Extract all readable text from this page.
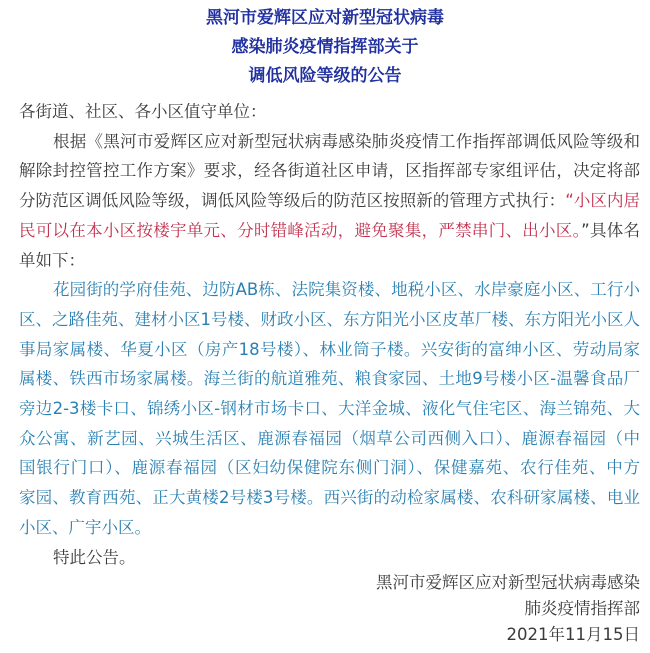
黑河市爱辉区应对新型冠状病毒
感染肺炎疫情指挥部关于
调低风险等级的公告
各街道、社区、各小区值守单位：
根据《黑河市爱辉区应对新型冠状病毒感染肺炎疫情工作指挥部调低风险等级和
解除封控管控工作方案》要求，经各街道社区申请，区指挥部专家组评估，决定将部
分防范区调低风险等级，调低风险等级后的防范区按照新的管理方式执行：“小区内居
民可以在本小区按楼宇单元、分时错峰活动，避免聚集，严禁串门、出小区。”具体名
单如下：
花园街的学府佳苑、边防AB栋、法院集资楼、地税小区、水岸豪庭小区、工行小
区、之路佳苑、建材小区1号楼、财政小区、东方阳光小区皮革厂楼、东方阳光小区人
事局家属楼、华夏小区（房产18号楼）、林业筒子楼。兴安街的富绅小区、劳动局家
属楼、铁西市场家属楼。海兰街的航道雅苑、粮食家园、土地9号楼小区-温馨食品厂
旁边2-3楼卡口、锦绣小区-钢材市场卡口、大洋金城、液化气住宅区、海兰锦苑、大
众公寓、新艺园、兴城生活区、鹿源春福园（烟草公司西侧入口）、鹿源春福园（中
国银行门口）、鹿源春福园（区妇幼保健院东侧门洞）、保健嘉苑、农行佳苑、中方
家园、教育西苑、正大黄楼2号楼3号楼。西兴街的动检家属楼、农科研家属楼、电业
小区、广宇小区。
特此公告。
黑河市爱辉区应对新型冠状病毒感染
肺炎疫情指挥部
2021年11月15日
